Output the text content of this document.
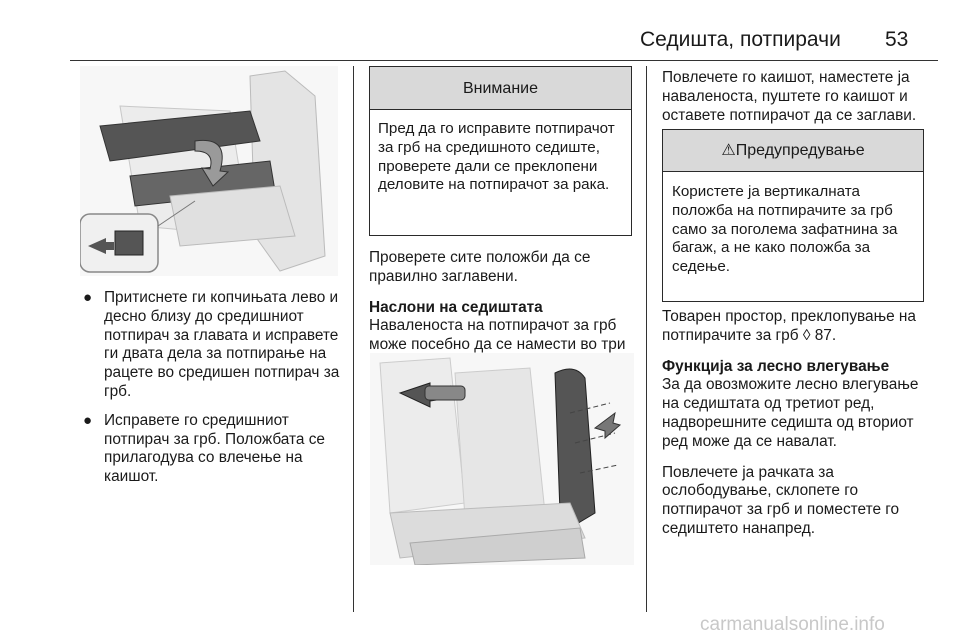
Седишта, потпирачи 53
● Притиснете ги копчињата лево и десно близу до средишниот потпирач за главата и исправете ги двата дела за потпирање на рацете во средишен потпирач за грб.
● Исправете го средишниот потпирач за грб. Положбата се прилагодува со влечење на каишот.
Внимание
Пред да го исправите потпирачот за грб на средишното седиште, проверете дали се преклопени деловите на потпирачот за рака.

Проверете сите положби да се правилно заглавени.

Наслони на седиштата

Наваленоста на потпирачот за грб може посебно да се намести во три

Повлечете го каишот, наместете ја наваленоста, пуштете го каишот и оставете потпирачот да се заглави.

⚠Предупредување
Користете ја вертикалната положба на потпирачите за грб само за поголема зафатнина за багаж, а не како положба за седење.

Товарен простор, преклопување на потпирачите за грб ◊ 87.

Функција за лесно влегување

За да овозможите лесно влегување на седиштата од третиот ред, надворешните седишта од вториот ред може да се навалат.

Повлечете ја рачката за ослободување, склопете го потпирачот за грб и поместете го седиштето нанапред.

carmanualsonline.info
